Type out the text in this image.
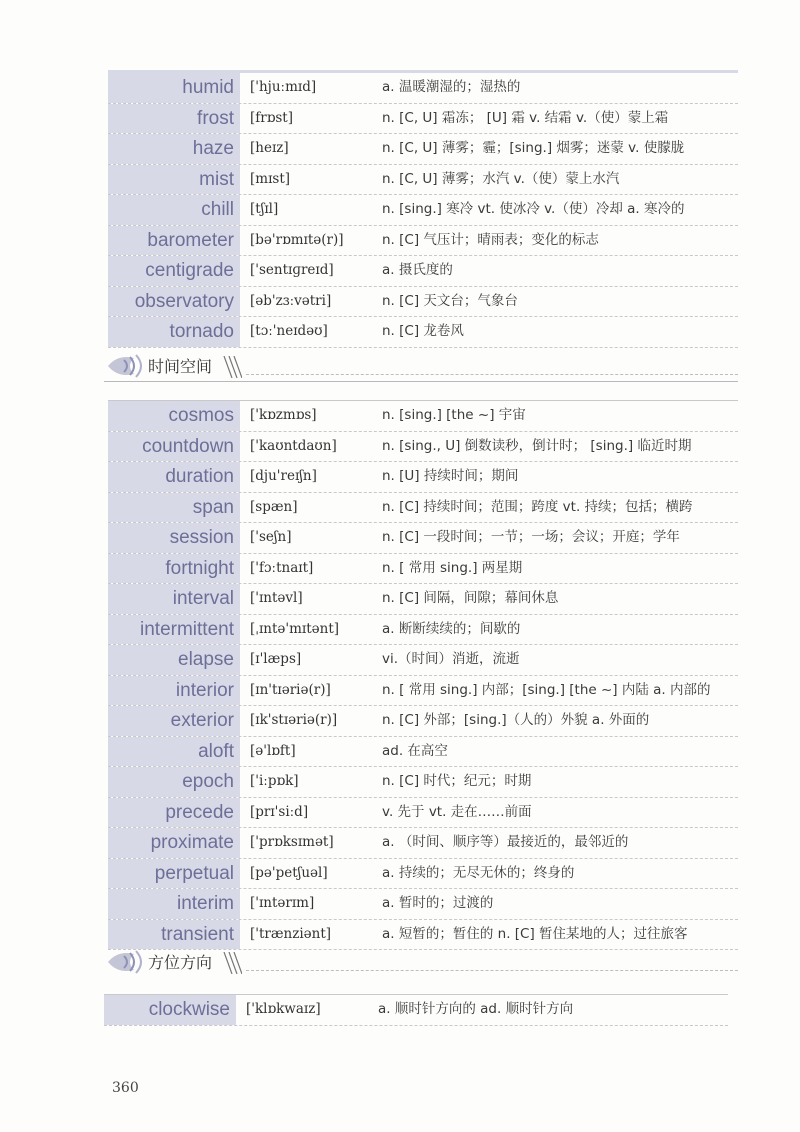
humid	['hjuːmɪd]	a. 温暖潮湿的；湿热的
frost	[frɒst]	n. [C, U] 霜冻； [U] 霜 v. 结霜 v.（使）蒙上霜
haze	[heɪz]	n. [C, U] 薄雾；霾；[sing.] 烟雾；迷蒙 v. 使朦胧
mist	[mɪst]	n. [C, U] 薄雾；水汽 v.（使）蒙上水汽
chill	[tʃɪl]	n. [sing.] 寒冷 vt. 使冰冷 v.（使）冷却 a. 寒冷的
barometer	[bə'rɒmɪtə(r)]	n. [C] 气压计；晴雨表；变化的标志
centigrade	['sentɪɡreɪd]	a. 摄氏度的
observatory	[əb'zɜːvətri]	n. [C] 天文台；气象台
tornado	[tɔː'neɪdəʊ]	n. [C] 龙卷风
时间空间
cosmos	['kɒzmɒs]	n. [sing.] [the ~] 宇宙
countdown	['kaʊntdaʊn]	n. [sing., U] 倒数读秒，倒计时； [sing.] 临近时期
duration	[dju'reɪʃn]	n. [U] 持续时间；期间
span	[spæn]	n. [C] 持续时间；范围；跨度 vt. 持续；包括；横跨
session	['seʃn]	n. [C] 一段时间；一节；一场；会议；开庭；学年
fortnight	['fɔːtnaɪt]	n. [ 常用 sing.] 两星期
interval	['ɪntəvl]	n. [C] 间隔，间隙；幕间休息
intermittent	[ˌɪntə'mɪtənt]	a. 断断续续的；间歇的
elapse	[ɪ'læps]	vi.（时间）消逝，流逝
interior	[ɪn'tɪəriə(r)]	n. [ 常用 sing.] 内部；[sing.] [the ~] 内陆 a. 内部的
exterior	[ɪk'stɪəriə(r)]	n. [C] 外部；[sing.]（人的）外貌 a. 外面的
aloft	[ə'lɒft]	ad. 在高空
epoch	['iːpɒk]	n. [C] 时代；纪元；时期
precede	[prɪ'siːd]	v. 先于 vt. 走在……前面
proximate	['prɒksɪmət]	a. （时间、顺序等）最接近的，最邻近的
perpetual	[pə'petʃuəl]	a. 持续的；无尽无休的；终身的
interim	['ɪntərɪm]	a. 暂时的；过渡的
transient	['trænziənt]	a. 短暂的；暂住的 n. [C] 暂住某地的人；过往旅客
方位方向
clockwise	['klɒkwaɪz]	a. 顺时针方向的 ad. 顺时针方向
360
